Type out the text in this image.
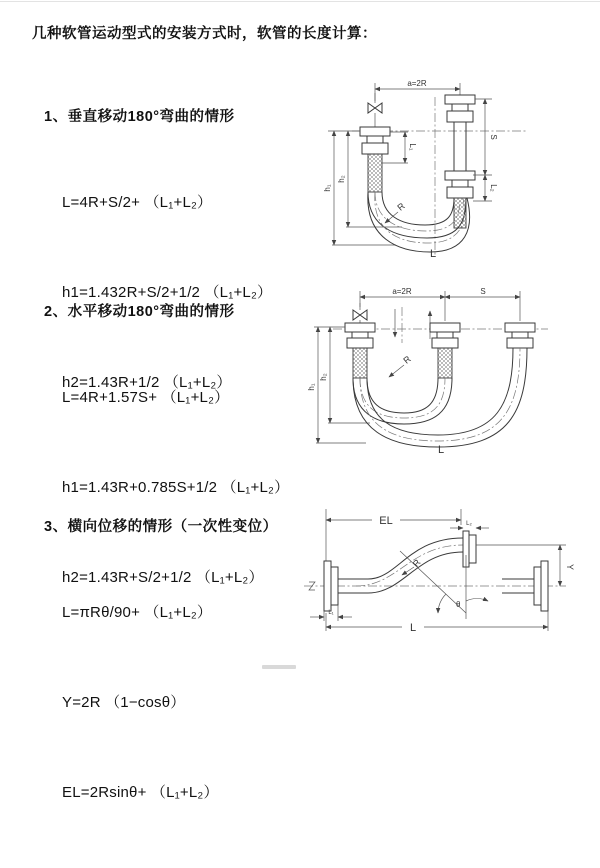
几种软管运动型式的安装方式时，软管的长度计算：
1、垂直移动180°弯曲的情形

L=4R+S/2+ （L₁+L₂）

h1=1.432R+S/2+1/2 （L₁+L₂）

h2=1.43R+1/2 （L₁+L₂）

a=2R
L₁
S
L₂
h₂
h₁
R
L
2、水平移动180°弯曲的情形

L=4R+1.57S+ （L₁+L₂）

h1=1.43R+0.785S+1/2 （L₁+L₂）

h2=1.43R+S/2+1/2 （L₁+L₂）

a=2R	S
h₂
h₁
R
L
3、横向位移的情形（一次性变位）

L=πRθ/90+ （L₁+L₂）

Y=2R （1−cosθ）

EL=2Rsinθ+ （L₁+L₂）

EL	L₂
θ
R	Y
L₁
L
